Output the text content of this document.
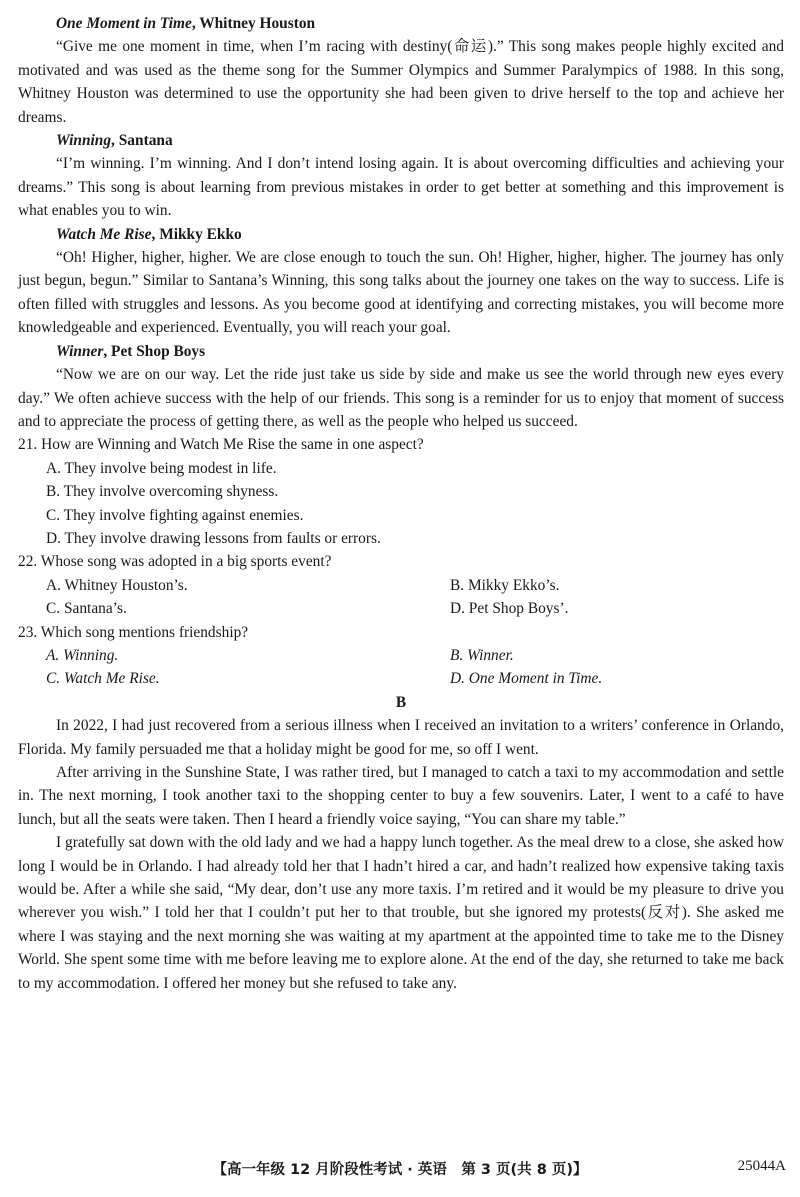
One Moment in Time, Whitney Houston

“Give me one moment in time, when I’m racing with destiny(命运).” This song makes people highly excited and motivated and was used as the theme song for the Summer Olympics and Summer Paralympics of 1988. In this song, Whitney Houston was determined to use the opportunity she had been given to drive herself to the top and achieve her dreams.

Winning, Santana

“I’m winning. I’m winning. And I don’t intend losing again. It is about overcoming difficulties and achieving your dreams.” This song is about learning from previous mistakes in order to get better at something and this improvement is what enables you to win.

Watch Me Rise, Mikky Ekko

“Oh! Higher, higher, higher. We are close enough to touch the sun. Oh! Higher, higher, higher. The journey has only just begun, begun.” Similar to Santana’s Winning, this song talks about the journey one takes on the way to success. Life is often filled with struggles and lessons. As you become good at identifying and correcting mistakes, you will become more knowledgeable and experienced. Eventually, you will reach your goal.

Winner, Pet Shop Boys

“Now we are on our way. Let the ride just take us side by side and make us see the world through new eyes every day.” We often achieve success with the help of our friends. This song is a reminder for us to enjoy that moment of success and to appreciate the process of getting there, as well as the people who helped us succeed.

21. How are Winning and Watch Me Rise the same in one aspect?

A. They involve being modest in life.
B. They involve overcoming shyness.
C. They involve fighting against enemies.
D. They involve drawing lessons from faults or errors.

22. Whose song was adopted in a big sports event?

A. Whitney Houston’s.	B. Mikky Ekko’s.
C. Santana’s.	D. Pet Shop Boys’.

23. Which song mentions friendship?

A. Winning.	B. Winner.
C. Watch Me Rise.	D. One Moment in Time.
B

In 2022, I had just recovered from a serious illness when I received an invitation to a writers’ conference in Orlando, Florida. My family persuaded me that a holiday might be good for me, so off I went.

After arriving in the Sunshine State, I was rather tired, but I managed to catch a taxi to my accommodation and settle in. The next morning, I took another taxi to the shopping center to buy a few souvenirs. Later, I went to a café to have lunch, but all the seats were taken. Then I heard a friendly voice saying, “You can share my table.”

I gratefully sat down with the old lady and we had a happy lunch together. As the meal drew to a close, she asked how long I would be in Orlando. I had already told her that I hadn’t hired a car, and hadn’t realized how expensive taking taxis would be. After a while she said, “My dear, don’t use any more taxis. I’m retired and it would be my pleasure to drive you wherever you wish.” I told her that I couldn’t put her to that trouble, but she ignored my protests(反对). She asked me where I was staying and the next morning she was waiting at my apartment at the appointed time to take me to the Disney World. She spent some time with me before leaving me to explore alone. At the end of the day, she returned to take me back to my accommodation. I offered her money but she refused to take any.

【高一年级 12 月阶段性考试 · 英语　第 3 页(共 8 页)】	25044A
